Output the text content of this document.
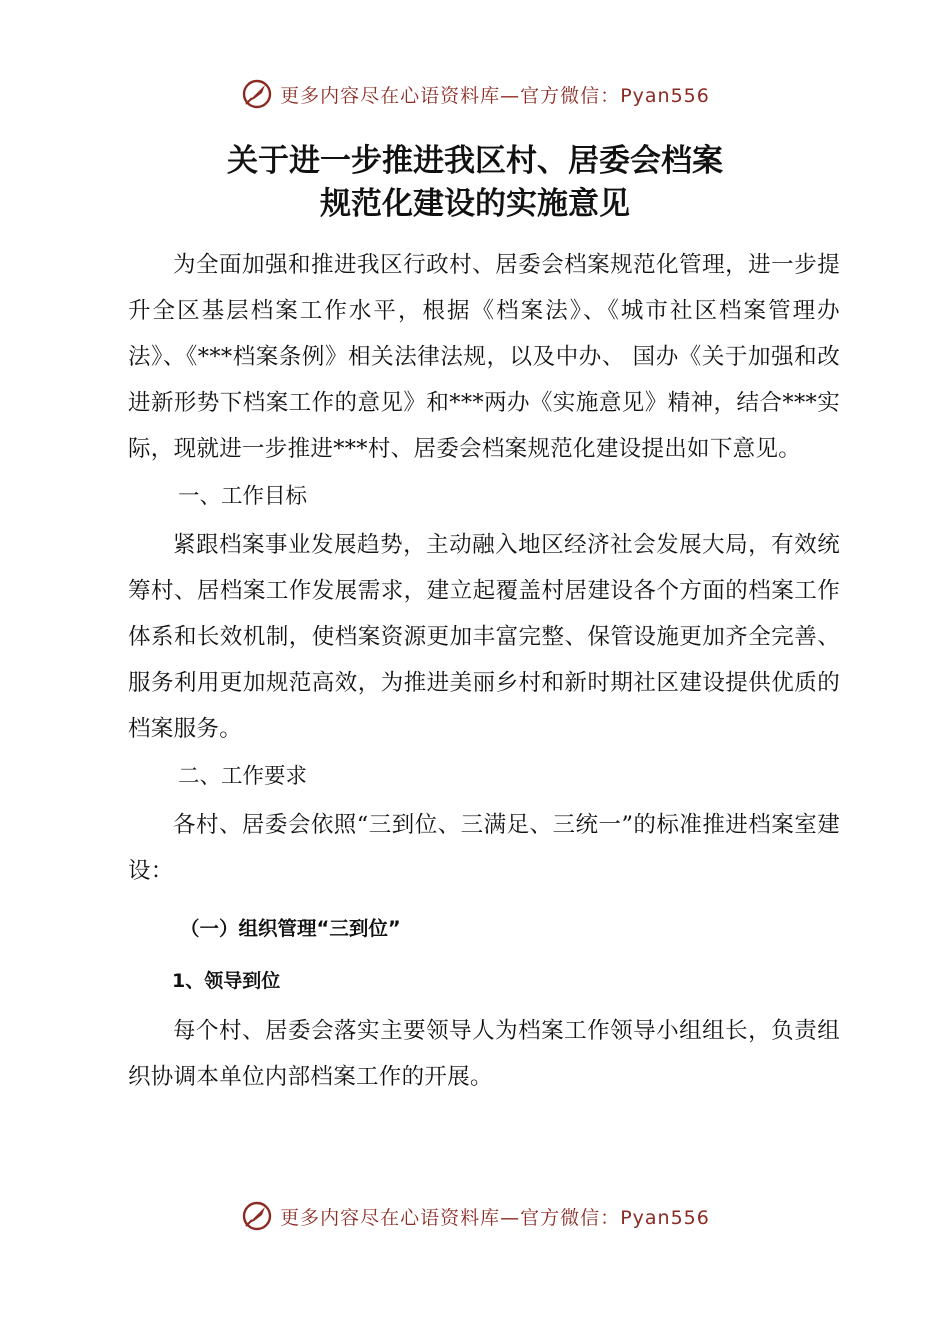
更多内容尽在心语资料库—官方微信：Pyan556
关于进一步推进我区村、居委会档案
规范化建设的实施意见

为全面加强和推进我区行政村、居委会档案规范化管理，进一步提升全区基层档案工作水平，根据《档案法》、《城市社区档案管理办法》、《***档案条例》相关法律法规，以及中办、 国办《关于加强和改进新形势下档案工作的意见》和***两办《实施意见》精神，结合***实际，现就进一步推进***村、居委会档案规范化建设提出如下意见。

一、工作目标

紧跟档案事业发展趋势，主动融入地区经济社会发展大局，有效统筹村、居档案工作发展需求，建立起覆盖村居建设各个方面的档案工作体系和长效机制，使档案资源更加丰富完整、保管设施更加齐全完善、服务利用更加规范高效，为推进美丽乡村和新时期社区建设提供优质的档案服务。

二、工作要求

各村、居委会依照“三到位、三满足、三统一”的标准推进档案室建设：

（一）组织管理“三到位”

1、领导到位

每个村、居委会落实主要领导人为档案工作领导小组组长，负责组织协调本单位内部档案工作的开展。

更多内容尽在心语资料库—官方微信：Pyan556
